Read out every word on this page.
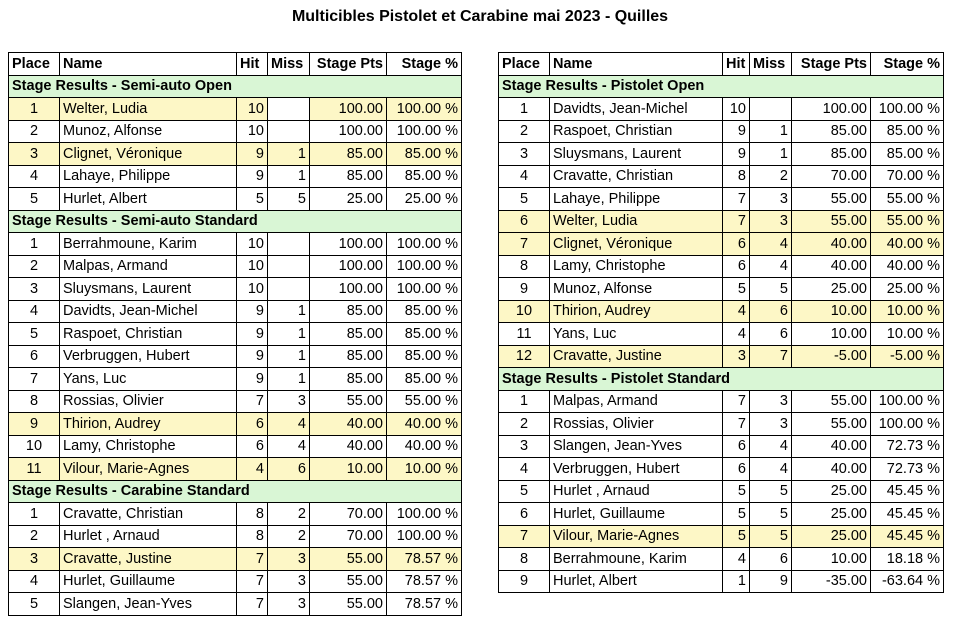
Multicibles Pistolet et Carabine mai 2023 - Quilles
Place	Name	Hit	Miss	Stage Pts	Stage %
Stage Results - Semi-auto Open					
1	Welter, Ludia	10		100.00	100.00 %
2	Munoz, Alfonse	10		100.00	100.00 %
3	Clignet, Véronique	9	1	85.00	85.00 %
4	Lahaye, Philippe	9	1	85.00	85.00 %
5	Hurlet, Albert	5	5	25.00	25.00 %
Stage Results - Semi-auto Standard					
1	Berrahmoune, Karim	10		100.00	100.00 %
2	Malpas, Armand	10		100.00	100.00 %
3	Sluysmans, Laurent	10		100.00	100.00 %
4	Davidts, Jean-Michel	9	1	85.00	85.00 %
5	Raspoet, Christian	9	1	85.00	85.00 %
6	Verbruggen, Hubert	9	1	85.00	85.00 %
7	Yans, Luc	9	1	85.00	85.00 %
8	Rossias, Olivier	7	3	55.00	55.00 %
9	Thirion, Audrey	6	4	40.00	40.00 %
10	Lamy, Christophe	6	4	40.00	40.00 %
11	Vilour, Marie-Agnes	4	6	10.00	10.00 %
Stage Results - Carabine Standard					
1	Cravatte, Christian	8	2	70.00	100.00 %
2	Hurlet , Arnaud	8	2	70.00	100.00 %
3	Cravatte, Justine	7	3	55.00	78.57 %
4	Hurlet, Guillaume	7	3	55.00	78.57 %
5	Slangen, Jean-Yves	7	3	55.00	78.57 %
Place	Name	Hit	Miss	Stage Pts	Stage %
Stage Results - Pistolet Open					
1	Davidts, Jean-Michel	10		100.00	100.00 %
2	Raspoet, Christian	9	1	85.00	85.00 %
3	Sluysmans, Laurent	9	1	85.00	85.00 %
4	Cravatte, Christian	8	2	70.00	70.00 %
5	Lahaye, Philippe	7	3	55.00	55.00 %
6	Welter, Ludia	7	3	55.00	55.00 %
7	Clignet, Véronique	6	4	40.00	40.00 %
8	Lamy, Christophe	6	4	40.00	40.00 %
9	Munoz, Alfonse	5	5	25.00	25.00 %
10	Thirion, Audrey	4	6	10.00	10.00 %
11	Yans, Luc	4	6	10.00	10.00 %
12	Cravatte, Justine	3	7	-5.00	-5.00 %
Stage Results - Pistolet Standard					
1	Malpas, Armand	7	3	55.00	100.00 %
2	Rossias, Olivier	7	3	55.00	100.00 %
3	Slangen, Jean-Yves	6	4	40.00	72.73 %
4	Verbruggen, Hubert	6	4	40.00	72.73 %
5	Hurlet , Arnaud	5	5	25.00	45.45 %
6	Hurlet, Guillaume	5	5	25.00	45.45 %
7	Vilour, Marie-Agnes	5	5	25.00	45.45 %
8	Berrahmoune, Karim	4	6	10.00	18.18 %
9	Hurlet, Albert	1	9	-35.00	-63.64 %
